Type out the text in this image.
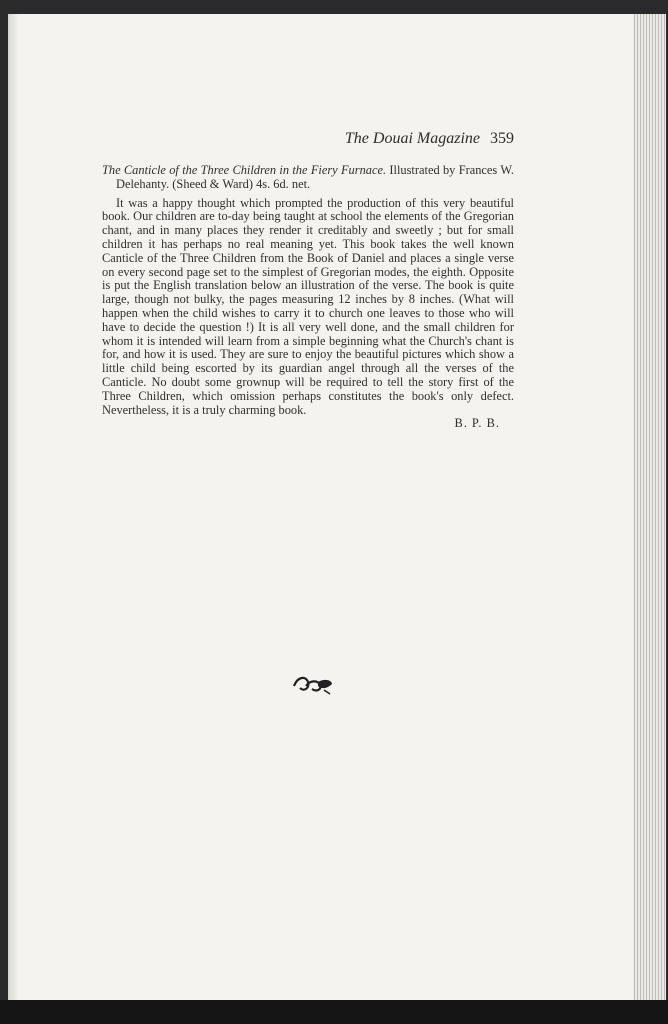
The Douai Magazine 359

The Canticle of the Three Children in the Fiery Furnace. Illustrated by Frances W. Delehanty. (Sheed & Ward) 4s. 6d. net.

It was a happy thought which prompted the production of this very beautiful book. Our children are to-day being taught at school the elements of the Gregorian chant, and in many places they render it creditably and sweetly ; but for small children it has perhaps no real meaning yet. This book takes the well known Canticle of the Three Children from the Book of Daniel and places a single verse on every second page set to the simplest of Gregorian modes, the eighth. Opposite is put the English translation below an illustration of the verse. The book is quite large, though not bulky, the pages measuring 12 inches by 8 inches. (What will happen when the child wishes to carry it to church one leaves to those who will have to decide the question !) It is all very well done, and the small children for whom it is intended will learn from a simple beginning what the Church's chant is for, and how it is used. They are sure to enjoy the beautiful pictures which show a little child being escorted by its guardian angel through all the verses of the Canticle. No doubt some grownup will be required to tell the story first of the Three Children, which omission perhaps constitutes the book's only defect. Nevertheless, it is a truly charming book.

B. P. B.
